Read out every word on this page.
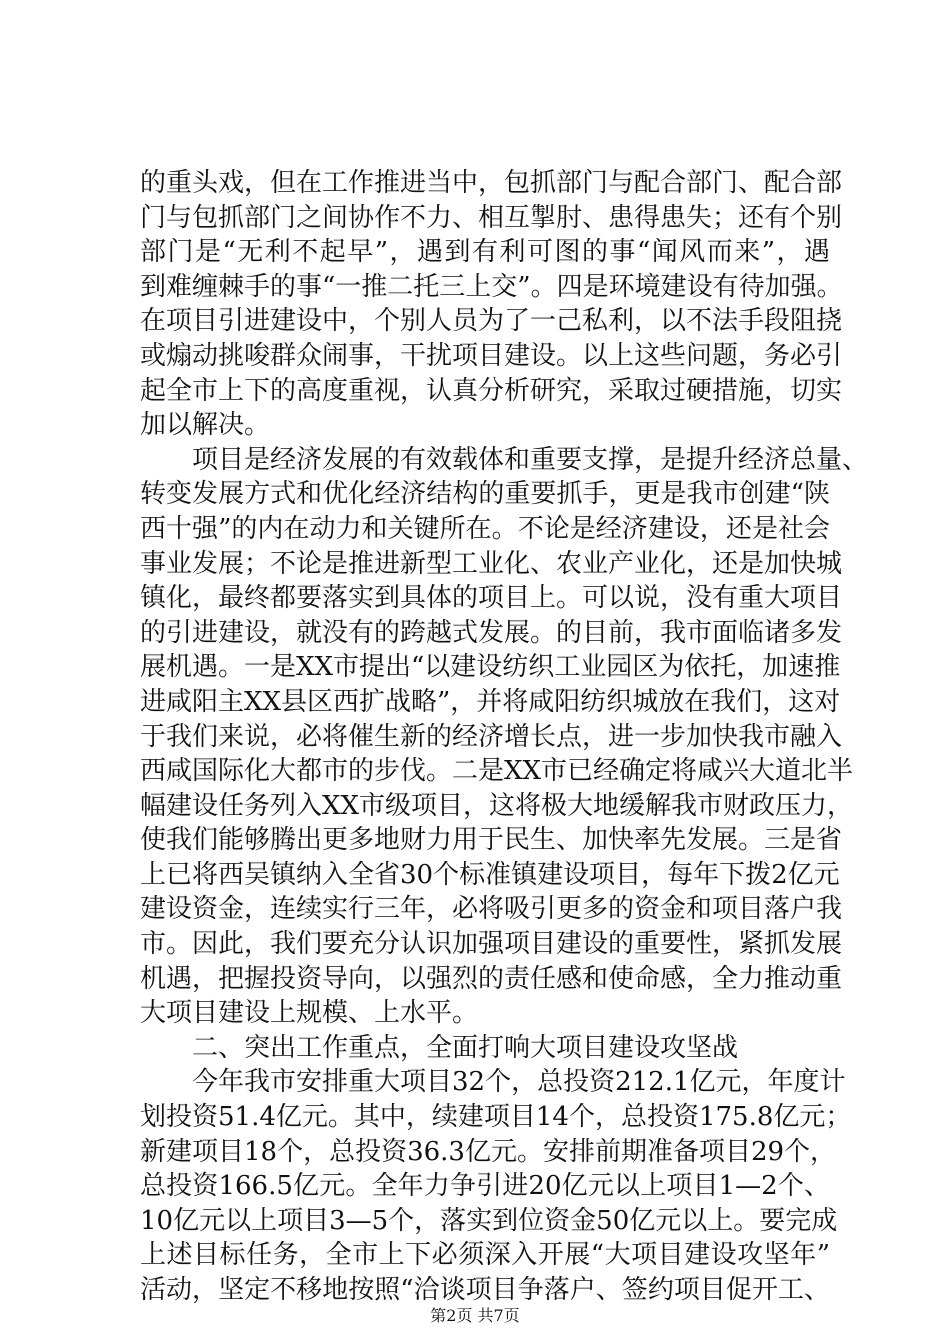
的重头戏，但在工作推进当中，包抓部门与配合部门、配合部
门与包抓部门之间协作不力、相互掣肘、患得患失；还有个别
部门是“无利不起早”，遇到有利可图的事“闻风而来”，遇
到难缠棘手的事“一推二托三上交”。四是环境建设有待加强。
在项目引进建设中，个别人员为了一己私利，以不法手段阻挠
或煽动挑唆群众闹事，干扰项目建设。以上这些问题，务必引
起全市上下的高度重视，认真分析研究，采取过硬措施，切实
加以解决。
　　项目是经济发展的有效载体和重要支撑，是提升经济总量、
转变发展方式和优化经济结构的重要抓手，更是我市创建“陕
西十强”的内在动力和关键所在。不论是经济建设，还是社会
事业发展；不论是推进新型工业化、农业产业化，还是加快城
镇化，最终都要落实到具体的项目上。可以说，没有重大项目
的引进建设，就没有的跨越式发展。的目前，我市面临诸多发
展机遇。一是XX市提出“以建设纺织工业园区为依托，加速推
进咸阳主XX县区西扩战略”，并将咸阳纺织城放在我们，这对
于我们来说，必将催生新的经济增长点，进一步加快我市融入
西咸国际化大都市的步伐。二是XX市已经确定将咸兴大道北半
幅建设任务列入XX市级项目，这将极大地缓解我市财政压力，
使我们能够腾出更多地财力用于民生、加快率先发展。三是省
上已将西吴镇纳入全省30个标准镇建设项目，每年下拨2亿元
建设资金，连续实行三年，必将吸引更多的资金和项目落户我
市。因此，我们要充分认识加强项目建设的重要性，紧抓发展
机遇，把握投资导向，以强烈的责任感和使命感，全力推动重
大项目建设上规模、上水平。
　　二、突出工作重点，全面打响大项目建设攻坚战
　　今年我市安排重大项目32个，总投资212.1亿元，年度计
划投资51.4亿元。其中，续建项目14个，总投资175.8亿元；
新建项目18个，总投资36.3亿元。安排前期准备项目29个，
总投资166.5亿元。全年力争引进20亿元以上项目1—2个、
10亿元以上项目3—5个，落实到位资金50亿元以上。要完成
上述目标任务，全市上下必须深入开展“大项目建设攻坚年”
活动，坚定不移地按照“洽谈项目争落户、签约项目促开工、
第2页 共7页
